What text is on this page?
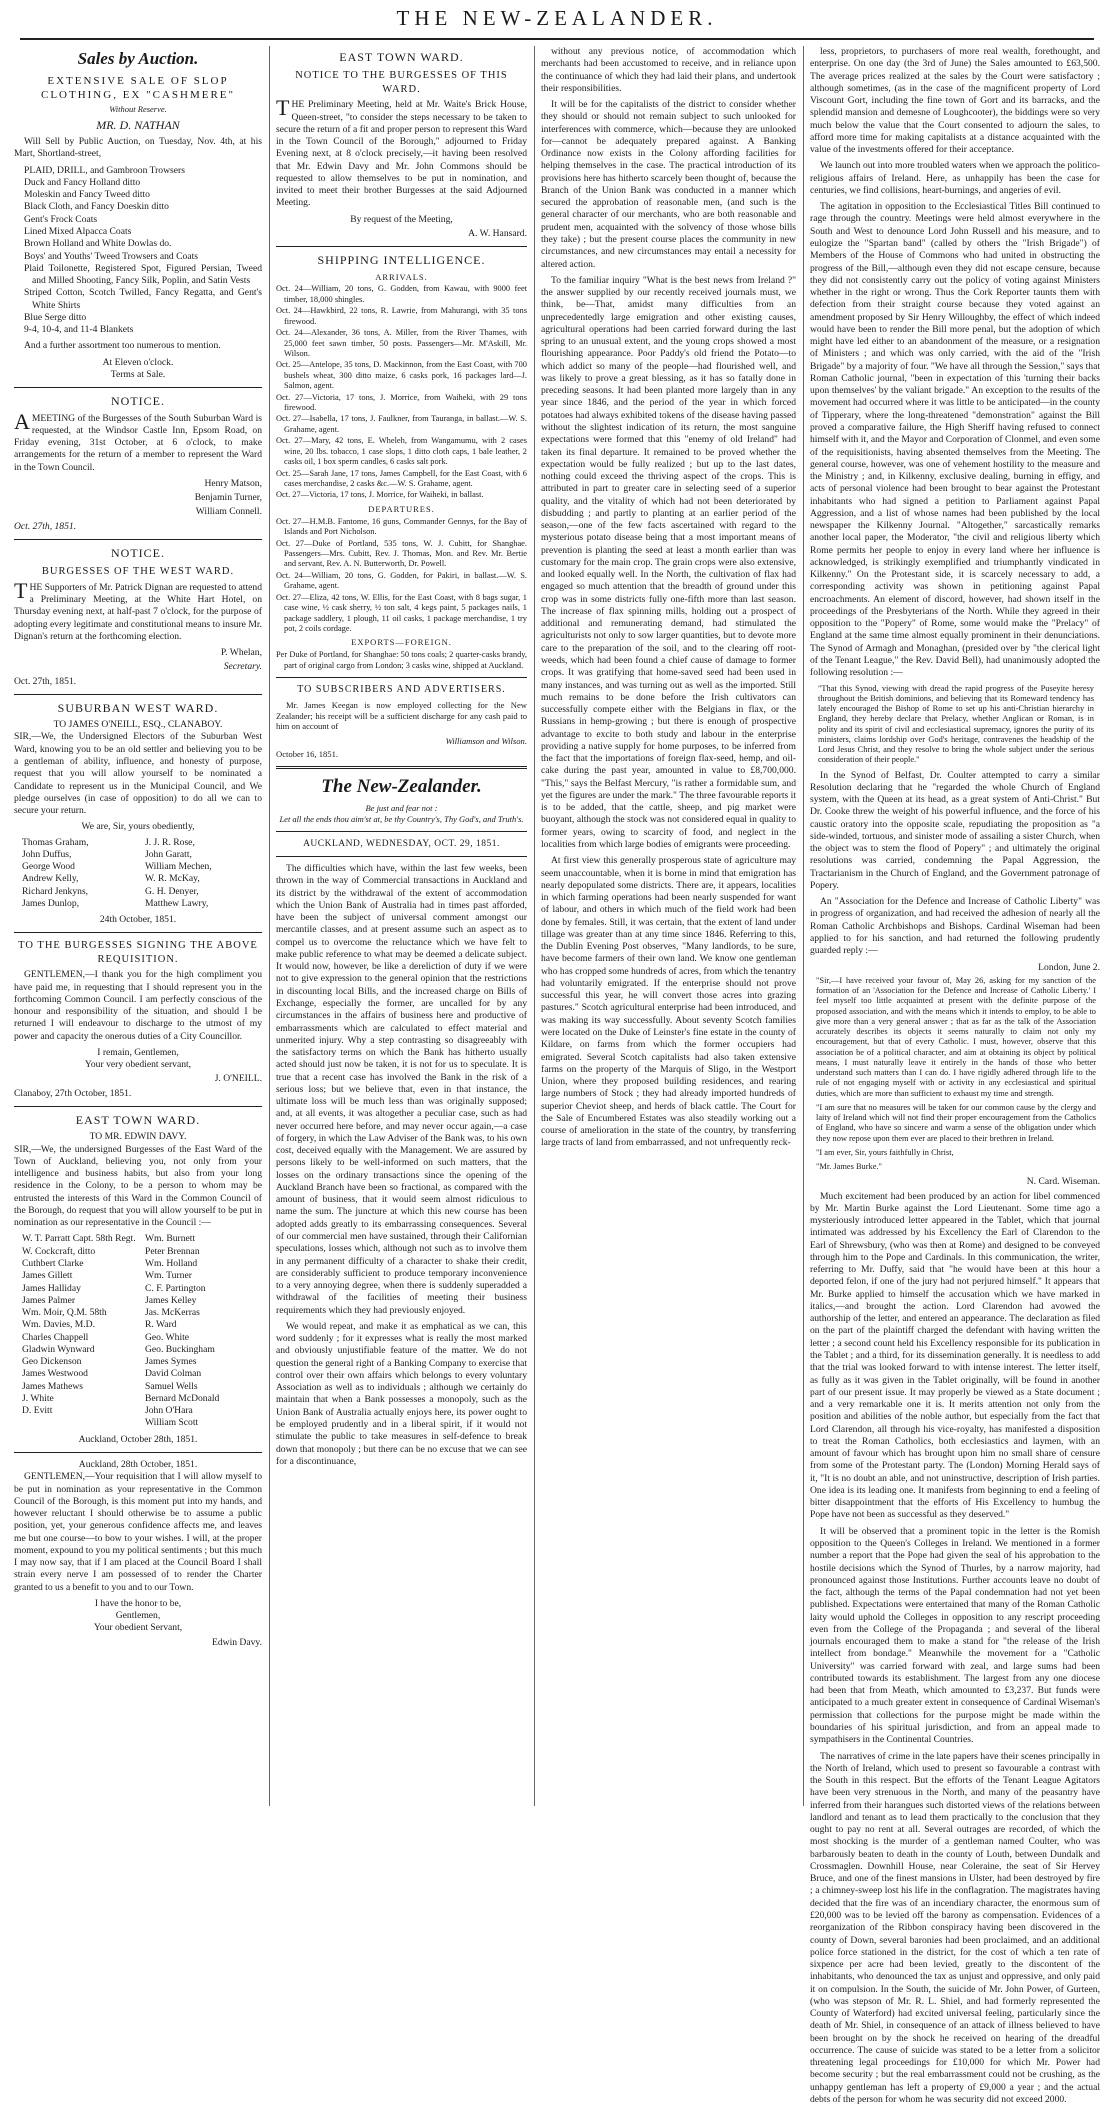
THE NEW-ZEALANDER.
Sales by Auction.
EXTENSIVE SALE OF SLOP CLOTHING, EX "CASHMERE"
Without Reserve.
MR. D. NATHAN

Will Sell by Public Auction, on Tuesday, Nov. 4th, at his Mart, Shortland-street,

PLAID, DRILL, and Gambroon Trowsers
Duck and Fancy Holland ditto
Moleskin and Fancy Tweed ditto
Black Cloth, and Fancy Doeskin ditto
Gent's Frock Coats
Lined Mixed Alpacca Coats
Brown Holland and White Dowlas do.
Boys' and Youths' Tweed Trowsers and Coats
Plaid Toilonette, Registered Spot, Figured Persian, Tweed and Milled Shooting, Fancy Silk, Poplin, and Satin Vests
Striped Cotton, Scotch Twilled, Fancy Regatta, and Gent's White Shirts
Blue Serge ditto
9-4, 10-4, and 11-4 Blankets

And a further assortment too numerous to mention.

At Eleven o'clock.
Terms at Sale.
NOTICE.

AMEETING of the Burgesses of the South Suburban Ward is requested, at the Windsor Castle Inn, Epsom Road, on Friday evening, 31st October, at 6 o'clock, to make arrangements for the return of a member to represent the Ward in the Town Council.

Henry Matson,
Benjamin Turner,
William Connell.
Oct. 27th, 1851.
NOTICE.
BURGESSES OF THE WEST WARD.

THE Supporters of Mr. Patrick Dignan are requested to attend a Preliminary Meeting, at the White Hart Hotel, on Thursday evening next, at half-past 7 o'clock, for the purpose of adopting every legitimate and constitutional means to insure Mr. Dignan's return at the forthcoming election.

P. Whelan,
Secretary.
Oct. 27th, 1851.
SUBURBAN WEST WARD.
TO JAMES O'NEILL, ESQ., CLANABOY.

SIR,—We, the Undersigned Electors of the Suburban West Ward, knowing you to be an old settler and believing you to be a gentleman of ability, influence, and honesty of purpose, request that you will allow yourself to be nominated a Candidate to represent us in the Municipal Council, and We pledge ourselves (in case of opposition) to do all we can to secure your return.

We are, Sir, yours obediently,
Thomas Graham,	J. J. R. Rose,
John Duffus,	John Garatt,
George Wood	William Mechen,
Andrew Kelly,	W. R. McKay,
Richard Jenkyns,	G. H. Denyer,
James Dunlop,	Matthew Lawry,
24th October, 1851.
TO THE BURGESSES SIGNING THE ABOVE REQUISITION.

GENTLEMEN,—I thank you for the high compliment you have paid me, in requesting that I should represent you in the forthcoming Common Council. I am perfectly conscious of the honour and responsibility of the situation, and should I be returned I will endeavour to discharge to the utmost of my power and capacity the onerous duties of a City Councillor.

I remain, Gentlemen,
Your very obedient servant,
J. O'NEILL.
Clanaboy, 27th October, 1851.
EAST TOWN WARD.
TO MR. EDWIN DAVY.

SIR,—We, the undersigned Burgesses of the East Ward of the Town of Auckland, believing you, not only from your intelligence and business habits, but also from your long residence in the Colony, to be a person to whom may be entrusted the interests of this Ward in the Common Council of the Borough, do request that you will allow yourself to be put in nomination as our representative in the Council :—

W. T. Parratt Capt. 58th Regt. Wm. Burnett
W. Cockcraft, ditto	Peter Brennan
Cuthbert Clarke	Wm. Holland
James Gillett	Wm. Turner
James Halliday	C. F. Partington
James Palmer	James Kelley
Wm. Moir, Q.M. 58th	Jas. McKerras
Wm. Davies, M.D.	R. Ward
Charles Chappell	Geo. White
Gladwin Wynward	Geo. Buckingham
Geo Dickenson	James Symes
James Westwood	David Colman
James Mathews	Samuel Wells
J. White	Bernard McDonald
D. Evitt	John O'Hara
William Scott
Auckland, October 28th, 1851.
Auckland, 28th October, 1851.

GENTLEMEN,—Your requisition that I will allow myself to be put in nomination as your representative in the Common Council of the Borough, is this moment put into my hands, and however reluctant I should otherwise be to assume a public position, yet, your generous confidence affects me, and leaves me but one course—to bow to your wishes. I will, at the proper moment, expound to you my political sentiments ; but this much I may now say, that if I am placed at the Council Board I shall strain every nerve I am possessed of to render the Charter granted to us a benefit to you and to our Town.

I have the honor to be,
Gentlemen,
Your obedient Servant,
Edwin Davy.
EAST TOWN WARD.
NOTICE TO THE BURGESSES OF THIS WARD.

THE Preliminary Meeting, held at Mr. Waite's Brick House, Queen-street, "to consider the steps necessary to be taken to secure the return of a fit and proper person to represent this Ward in the Town Council of the Borough," adjourned to Friday Evening next, at 8 o'clock precisely,—it having been resolved that Mr. Edwin Davy and Mr. John Commons should be requested to allow themselves to be put in nomination, and invited to meet their brother Burgesses at the said Adjourned Meeting.

By request of the Meeting,
A. W. Hansard.
SHIPPING INTELLIGENCE.
ARRIVALS.
Oct. 24—William, 20 tons, G. Godden, from Kawau, with 9000 feet timber, 18,000 shingles.
Oct. 24—Hawkbird, 22 tons, R. Lawrie, from Mahurangi, with 35 tons firewood.
Oct. 24—Alexander, 36 tons, A. Miller, from the River Thames, with 25,000 feet sawn timber, 50 posts. Passengers—Mr. M'Askill, Mr. Wilson.
Oct. 25—Antelope, 35 tons, D. Mackinnon, from the East Coast, with 700 bushels wheat, 300 ditto maize, 6 casks pork, 16 packages lard—J. Salmon, agent.
Oct. 27—Victoria, 17 tons, J. Morrice, from Waiheki, with 29 tons firewood.
Oct. 27—Isabella, 17 tons, J. Faulkner, from Tauranga, in ballast.—W. S. Grahame, agent.
Oct. 27—Mary, 42 tons, E. Wheleh, from Wangamumu, with 2 cases wine, 20 lbs. tobacco, 1 case slops, 1 ditto cloth caps, 1 bale leather, 2 casks oil, 1 box sperm candles, 6 casks salt pork.
Oct. 25—Sarah Jane, 17 tons, James Campbell, for the East Coast, with 6 cases merchandise, 2 casks &c.—W. S. Grahame, agent.
Oct. 27—Victoria, 17 tons, J. Morrice, for Waiheki, in ballast.
DEPARTURES.
Oct. 27—H.M.B. Fantome, 16 guns, Commander Gennys, for the Bay of Islands and Port Nicholson.
Oct. 27—Duke of Portland, 535 tons, W. J. Cubitt, for Shanghae. Passengers—Mrs. Cubitt, Rev. J. Thomas, Mon. and Rev. Mr. Bertie and servant, Rev. A. N. Butterworth, Dr. Powell.
Oct. 24—William, 20 tons, G. Godden, for Pakiri, in ballast.—W. S. Grahame, agent.
Oct. 27—Eliza, 42 tons, W. Ellis, for the East Coast, with 8 bags sugar, 1 case wine, ½ cask sherry, ½ ton salt, 4 kegs paint, 5 packages nails, 1 package saddlery, 1 plough, 11 oil casks, 1 package merchandise, 1 try pot, 2 coils cordage.
EXPORTS—FOREIGN.
Per Duke of Portland, for Shanghae: 50 tons coals; 2 quarter-casks brandy, part of original cargo from London; 3 casks wine, shipped at Auckland.
TO SUBSCRIBERS AND ADVERTISERS.

Mr. James Keegan is now employed collecting for the New Zealander; his receipt will be a sufficient discharge for any cash paid to him on account of

Williamson and Wilson.
October 16, 1851.
The New-Zealander.
Be just and fear not :
Let all the ends thou aim'st at, be thy Country's, Thy God's, and Truth's.
AUCKLAND, WEDNESDAY, OCT. 29, 1851.

The difficulties which have, within the last few weeks, been thrown in the way of Commercial transactions in Auckland and its district by the withdrawal of the extent of accommodation which the Union Bank of Australia had in times past afforded, have been the subject of universal comment amongst our mercantile classes, and at present assume such an aspect as to compel us to overcome the reluctance which we have felt to make public reference to what may be deemed a delicate subject. It would now, however, be like a dereliction of duty if we were not to give expression to the general opinion that the restrictions in discounting local Bills, and the increased charge on Bills of Exchange, especially the former, are uncalled for by any circumstances in the affairs of business here and productive of embarrassments which are calculated to effect material and unmerited injury. Why a step contrasting so disagreeably with the satisfactory terms on which the Bank has hitherto usually acted should just now be taken, it is not for us to speculate. It is true that a recent case has involved the Bank in the risk of a serious loss; but we believe that, even in that instance, the ultimate loss will be much less than was originally supposed; and, at all events, it was altogether a peculiar case, such as had never occurred here before, and may never occur again,—a case of forgery, in which the Law Adviser of the Bank was, to his own cost, deceived equally with the Management. We are assured by persons likely to be well-informed on such matters, that the losses on the ordinary transactions since the opening of the Auckland Branch have been so fractional, as compared with the amount of business, that it would seem almost ridiculous to name the sum. The juncture at which this new course has been adopted adds greatly to its embarrassing consequences. Several of our commercial men have sustained, through their Californian speculations, losses which, although not such as to involve them in any permanent difficulty of a character to shake their credit, are considerably sufficient to produce temporary inconvenience to a very annoying degree, when there is suddenly superadded a withdrawal of the facilities of meeting their business requirements which they had previously enjoyed.

We would repeat, and make it as emphatical as we can, this word suddenly ; for it expresses what is really the most marked and obviously unjustifiable feature of the matter. We do not question the general right of a Banking Company to exercise that control over their own affairs which belongs to every voluntary Association as well as to individuals ; although we certainly do maintain that when a Bank possesses a monopoly, such as the Union Bank of Australia actually enjoys here, its power ought to be employed prudently and in a liberal spirit, if it would not stimulate the public to take measures in self-defence to break down that monopoly ; but there can be no excuse that we can see for a discontinuance,

without any previous notice, of accommodation which merchants had been accustomed to receive, and in reliance upon the continuance of which they had laid their plans, and undertook their responsibilities.

It will be for the capitalists of the district to consider whether they should or should not remain subject to such unlooked for interferences with commerce, which—because they are unlooked for—cannot be adequately prepared against. A Banking Ordinance now exists in the Colony affording facilities for helping themselves in the case. The practical introduction of its provisions here has hitherto scarcely been thought of, because the Branch of the Union Bank was conducted in a manner which secured the approbation of reasonable men, (and such is the general character of our merchants, who are both reasonable and prudent men, acquainted with the solvency of those whose bills they take) ; but the present course places the community in new circumstances, and new circumstances may entail a necessity for altered action.

To the familiar inquiry "What is the best news from Ireland ?" the answer supplied by our recently received journals must, we think, be—That, amidst many difficulties from an unprecedentedly large emigration and other existing causes, agricultural operations had been carried forward during the last spring to an unusual extent, and the young crops showed a most flourishing appearance. Poor Paddy's old friend the Potato—to which addict so many of the people—had flourished well, and was likely to prove a great blessing, as it has so fatally done in preceding seasons. It had been planted more largely than in any year since 1846, and the period of the year in which forced potatoes had always exhibited tokens of the disease having passed without the slightest indication of its return, the most sanguine expectations were formed that this "enemy of old Ireland" had taken its final departure. It remained to be proved whether the expectation would be fully realized ; but up to the last dates, nothing could exceed the thriving aspect of the crops. This is attributed in part to greater care in selecting seed of a superior quality, and the vitality of which had not been deteriorated by disbudding ; and partly to planting at an earlier period of the season,—one of the few facts ascertained with regard to the mysterious potato disease being that a most important means of prevention is planting the seed at least a month earlier than was customary for the main crop. The grain crops were also extensive, and looked equally well. In the North, the cultivation of flax had engaged so much attention that the breadth of ground under this crop was in some districts fully one-fifth more than last season. The increase of flax spinning mills, holding out a prospect of additional and remunerating demand, had stimulated the agriculturists not only to sow larger quantities, but to devote more care to the preparation of the soil, and to the clearing off root-weeds, which had been found a chief cause of damage to former crops. It was gratifying that home-saved seed had been used in many instances, and was turning out as well as the imported. Still much remains to be done before the Irish cultivators can successfully compete either with the Belgians in flax, or the Russians in hemp-growing ; but there is enough of prospective advantage to excite to both study and labour in the enterprise providing a native supply for home purposes, to be inferred from the fact that the importations of foreign flax-seed, hemp, and oil-cake during the past year, amounted in value to £8,700,000. "This," says the Belfast Mercury, "is rather a formidable sum, and yet the figures are under the mark." The three favourable reports it is to be added, that the cattle, sheep, and pig market were buoyant, although the stock was not considered equal in quality to former years, owing to scarcity of food, and neglect in the localities from which large bodies of emigrants were proceeding.

At first view this generally prosperous state of agriculture may seem unaccountable, when it is borne in mind that emigration has nearly depopulated some districts. There are, it appears, localities in which farming operations had been nearly suspended for want of labour, and others in which much of the field work had been done by females. Still, it was certain, that the extent of land under tillage was greater than at any time since 1846. Referring to this, the Dublin Evening Post observes, "Many landlords, to be sure, have become farmers of their own land. We know one gentleman who has cropped some hundreds of acres, from which the tenantry had voluntarily emigrated. If the enterprise should not prove successful this year, he will convert those acres into grazing pastures." Scotch agricultural enterprise had been introduced, and was making its way successfully. About seventy Scotch families were located on the Duke of Leinster's fine estate in the county of Kildare, on farms from which the former occupiers had emigrated. Several Scotch capitalists had also taken extensive farms on the property of the Marquis of Sligo, in the Westport Union, where they proposed building residences, and rearing large numbers of Stock ; they had already imported hundreds of superior Cheviot sheep, and herds of black cattle. The Court for the Sale of Encumbered Estates was also steadily working out a course of amelioration in the state of the country, by transferring large tracts of land from embarrassed, and not unfrequently reck-

less, proprietors, to purchasers of more real wealth, forethought, and enterprise. On one day (the 3rd of June) the Sales amounted to £63,500. The average prices realized at the sales by the Court were satisfactory ; although sometimes, (as in the case of the magnificent property of Lord Viscount Gort, including the fine town of Gort and its barracks, and the splendid mansion and demesne of Loughcooter), the biddings were so very much below the value that the Court consented to adjourn the sales, to afford more time for making capitalists at a distance acquainted with the value of the investments offered for their acceptance.

We launch out into more troubled waters when we approach the politico-religious affairs of Ireland. Here, as unhappily has been the case for centuries, we find collisions, heart-burnings, and angeries of evil.

The agitation in opposition to the Ecclesiastical Titles Bill continued to rage through the country. Meetings were held almost everywhere in the South and West to denounce Lord John Russell and his measure, and to eulogize the "Spartan band" (called by others the "Irish Brigade") of Members of the House of Commons who had united in obstructing the progress of the Bill,—although even they did not escape censure, because they did not consistently carry out the policy of voting against Ministers whether in the right or wrong. Thus the Cork Reporter taunts them with defection from their straight course because they voted against an amendment proposed by Sir Henry Willoughby, the effect of which indeed would have been to render the Bill more penal, but the adoption of which might have led either to an abandonment of the measure, or a resignation of Ministers ; and which was only carried, with the aid of the "Irish Brigade" by a majority of four. "We have all through the Session," says that Roman Catholic journal, "been in expectation of this 'turning their backs upon themselves' by the valiant brigade." An exception to the results of the movement had occurred where it was little to be anticipated—in the county of Tipperary, where the long-threatened "demonstration" against the Bill proved a comparative failure, the High Sheriff having refused to connect himself with it, and the Mayor and Corporation of Clonmel, and even some of the requisitionists, having absented themselves from the Meeting. The general course, however, was one of vehement hostility to the measure and the Ministry ; and, in Kilkenny, exclusive dealing, burning in effigy, and acts of personal violence had been brought to bear against the Protestant inhabitants who had signed a petition to Parliament against Papal Aggression, and a list of whose names had been published by the local newspaper the Kilkenny Journal. "Altogether," sarcastically remarks another local paper, the Moderator, "the civil and religious liberty which Rome permits her people to enjoy in every land where her influence is acknowledged, is strikingly exemplified and triumphantly vindicated in Kilkenny." On the Protestant side, it is scarcely necessary to add, a corresponding activity was shown in petitioning against Papal encroachments. An element of discord, however, had shown itself in the proceedings of the Presbyterians of the North. While they agreed in their opposition to the "Popery" of Rome, some would make the "Prelacy" of England at the same time almost equally prominent in their denunciations. The Synod of Armagh and Monaghan, (presided over by "the clerical light of the Tenant League," the Rev. David Bell), had unanimously adopted the following resolution :—

"That this Synod, viewing with dread the rapid progress of the Puseyite heresy throughout the British dominions, and believing that its Romeward tendency has lately encouraged the Bishop of Rome to set up his anti-Christian hierarchy in England, they hereby declare that Prelacy, whether Anglican or Roman, is in polity and its spirit of civil and ecclesiastical supremacy, ignores the purity of its ministers, claims lordship over God's heritage, contravenes the headship of the Lord Jesus Christ, and they resolve to bring the whole subject under the serious consideration of their people."

In the Synod of Belfast, Dr. Coulter attempted to carry a similar Resolution declaring that he "regarded the whole Church of England system, with the Queen at its head, as a great system of Anti-Christ." But Dr. Cooke threw the weight of his powerful influence, and the force of his caustic oratory into the opposite scale, repudiating the proposition as "a side-winded, tortuous, and sinister mode of assailing a sister Church, when the object was to stem the flood of Popery" ; and ultimately the original resolutions was carried, condemning the Papal Aggression, the Tractarianism in the Church of England, and the Government patronage of Popery.

An "Association for the Defence and Increase of Catholic Liberty" was in progress of organization, and had received the adhesion of nearly all the Roman Catholic Archbishops and Bishops. Cardinal Wiseman had been applied to for his sanction, and had returned the following prudently guarded reply :—

London, June 2.
"Sir,—I have received your favour of, May 26, asking for my sanction of the formation of an 'Association for the Defence and Increase of Catholic Liberty.' I feel myself too little acquainted at present with the definite purpose of the proposed association, and with the means which it intends to employ, to be able to give more than a very general answer ; that as far as the talk of the Association accurately describes its objects it seems naturally to claim not only my encouragement, but that of every Catholic. I must, however, observe that this association be of a political character, and aim at obtaining its object by political means, I must naturally leave it entirely in the hands of those who better understand such matters than I can do. I have rigidly adhered through life to the rule of not engaging myself with or activity in any ecclesiastical and spiritual duties, which are more than sufficient to exhaust my time and strength.
"I am sure that no measures will be taken for our common cause by the clergy and laity of Ireland which will not find their proper encouragement from the Catholics of England, who have so sincere and warm a sense of the obligation under which they now repose upon them ever are placed to their brethren in Ireland.
"I am ever, Sir, yours faithfully in Christ,
"Mr. James Burke."
N. Card. Wiseman.

Much excitement had been produced by an action for libel commenced by Mr. Martin Burke against the Lord Lieutenant. Some time ago a mysteriously introduced letter appeared in the Tablet, which that journal intimated was addressed by his Excellency the Earl of Clarendon to the Earl of Shrewsbury, (who was then at Rome) and designed to be conveyed through him to the Pope and Cardinals. In this communication, the writer, referring to Mr. Duffy, said that "he would have been at this hour a deported felon, if one of the jury had not perjured himself." It appears that Mr. Burke applied to himself the accusation which we have marked in italics,—and brought the action. Lord Clarendon had avowed the authorship of the letter, and entered an appearance. The declaration as filed on the part of the plaintiff charged the defendant with having written the letter ; a second count held his Excellency responsible for its publication in the Tablet ; and a third, for its dissemination generally. It is needless to add that the trial was looked forward to with intense interest. The letter itself, as fully as it was given in the Tablet originally, will be found in another part of our present issue. It may properly be viewed as a State document ; and a very remarkable one it is. It merits attention not only from the position and abilities of the noble author, but especially from the fact that Lord Clarendon, all through his vice-royalty, has manifested a disposition to treat the Roman Catholics, both ecclesiastics and laymen, with an amount of favour which has brought upon him no small share of censure from some of the Protestant party. The (London) Morning Herald says of it, "It is no doubt an able, and not uninstructive, description of Irish parties. One idea is its leading one. It manifests from beginning to end a feeling of bitter disappointment that the efforts of His Excellency to humbug the Pope have not been as successful as they deserved."

It will be observed that a prominent topic in the letter is the Romish opposition to the Queen's Colleges in Ireland. We mentioned in a former number a report that the Pope had given the seal of his approbation to the hostile decisions which the Synod of Thurles, by a narrow majority, had pronounced against those Institutions. Further accounts leave no doubt of the fact, although the terms of the Papal condemnation had not yet been published. Expectations were entertained that many of the Roman Catholic laity would uphold the Colleges in opposition to any rescript proceeding even from the College of the Propaganda ; and several of the liberal journals encouraged them to make a stand for "the release of the Irish intellect from bondage." Meanwhile the movement for a "Catholic University" was carried forward with zeal, and large sums had been contributed towards its establishment. The largest from any one diocese had been that from Meath, which amounted to £3,237. But funds were anticipated to a much greater extent in consequence of Cardinal Wiseman's permission that collections for the purpose might be made within the boundaries of his spiritual jurisdiction, and from an appeal made to sympathisers in the Continental Countries.

The narratives of crime in the late papers have their scenes principally in the North of Ireland, which used to present so favourable a contrast with the South in this respect. But the efforts of the Tenant League Agitators have been very strenuous in the North, and many of the peasantry have inferred from their harangues such distorted views of the relations between landlord and tenant as to lead them practically to the conclusion that they ought to pay no rent at all. Several outrages are recorded, of which the most shocking is the murder of a gentleman named Coulter, who was barbarously beaten to death in the county of Louth, between Dundalk and Crossmaglen. Downhill House, near Coleraine, the seat of Sir Hervey Bruce, and one of the finest mansions in Ulster, had been destroyed by fire ; a chimney-sweep lost his life in the conflagration. The magistrates having decided that the fire was of an incendiary character, the enormous sum of £20,000 was to be levied off the barony as compensation. Evidences of a reorganization of the Ribbon conspiracy having been discovered in the county of Down, several baronies had been proclaimed, and an additional police force stationed in the district, for the cost of which a ten rate of sixpence per acre had been levied, greatly to the discontent of the inhabitants, who denounced the tax as unjust and oppressive, and only paid it on compulsion. In the South, the suicide of Mr. John Power, of Gurteen, (who was stepson of Mr. R. L. Shiel, and had formerly represented the County of Waterford) had excited universal feeling, particularly since the death of Mr. Shiel, in consequence of an attack of illness believed to have been brought on by the shock he received on hearing of the dreadful occurrence. The cause of suicide was stated to be a letter from a solicitor threatening legal proceedings for £10,000 for which Mr. Power had become security ; but the real embarrassment could not be crushing, as the unhappy gentleman has left a property of £9,000 a year ; and the actual debts of the person for whom he was security did not exceed 2000.
